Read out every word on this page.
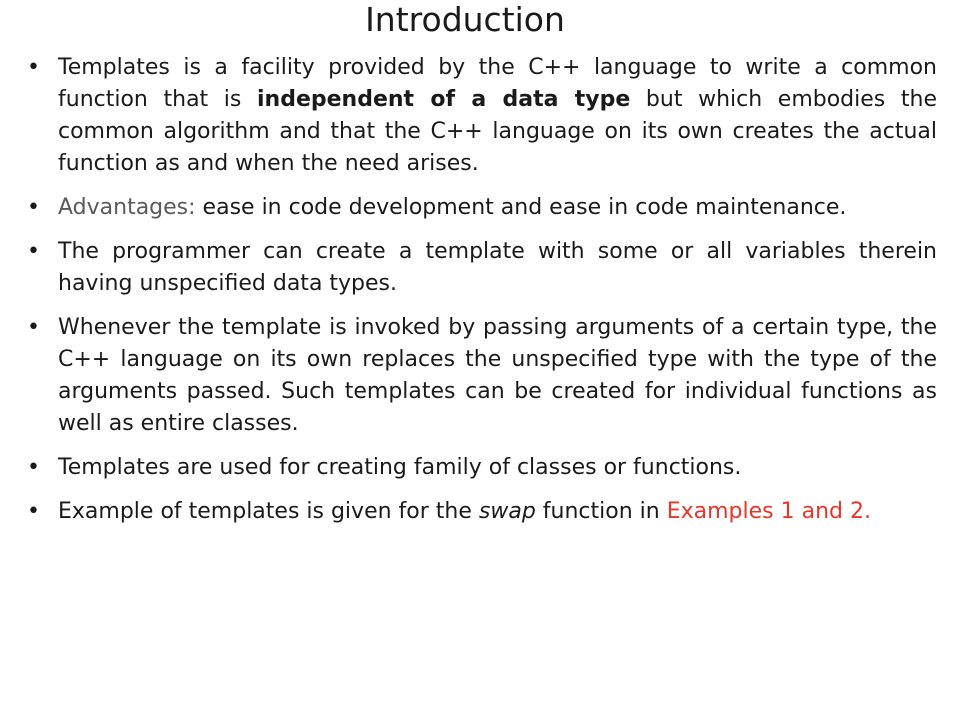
Introduction
• Templates is a facility provided by the C++ language to write a common function that is independent of a data type but which embodies the common algorithm and that the C++ language on its own creates the actual function as and when the need arises.
• Advantages: ease in code development and ease in code maintenance.
• The programmer can create a template with some or all variables therein having unspecified data types.
• Whenever the template is invoked by passing arguments of a certain type, the C++ language on its own replaces the unspecified type with the type of the arguments passed. Such templates can be created for individual functions as well as entire classes.
• Templates are used for creating family of classes or functions.
• Example of templates is given for the swap function in Examples 1 and 2.
